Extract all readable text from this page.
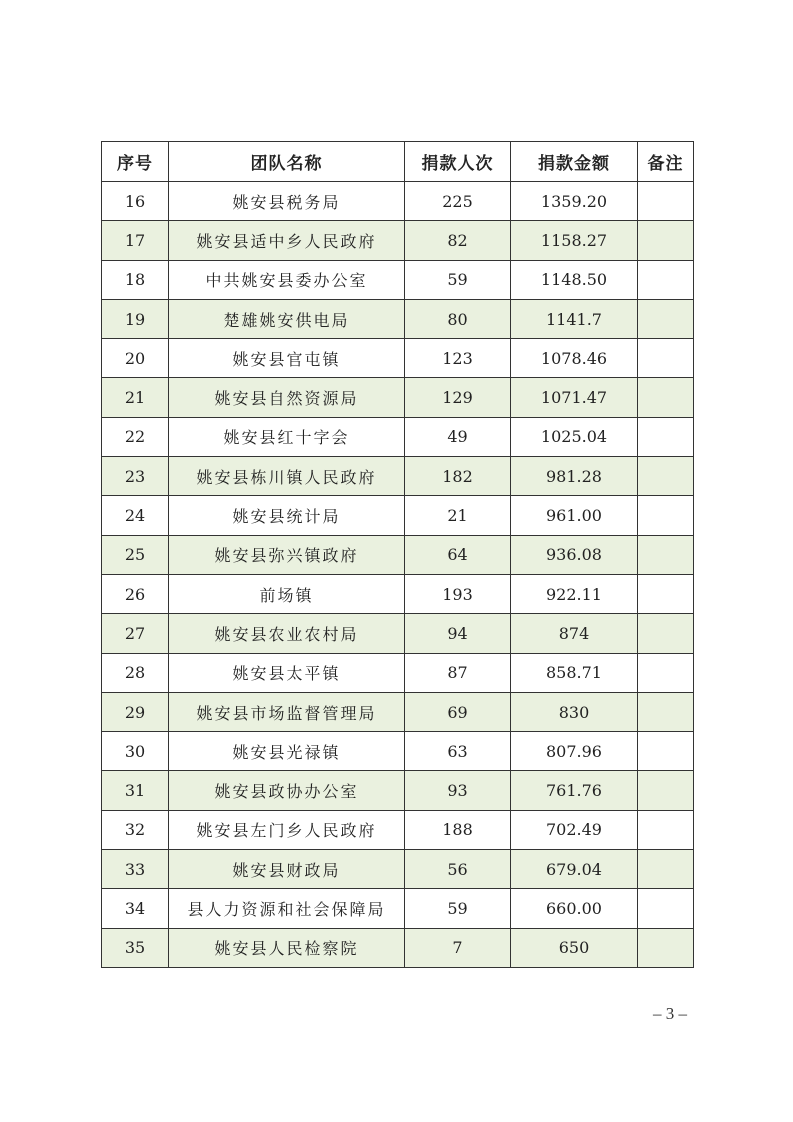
序号	团队名称	捐款人次	捐款金额	备注
16	姚安县税务局	225	1359.20	
17	姚安县适中乡人民政府	82	1158.27	
18	中共姚安县委办公室	59	1148.50	
19	楚雄姚安供电局	80	1141.7	
20	姚安县官屯镇	123	1078.46	
21	姚安县自然资源局	129	1071.47	
22	姚安县红十字会	49	1025.04	
23	姚安县栋川镇人民政府	182	981.28	
24	姚安县统计局	21	961.00	
25	姚安县弥兴镇政府	64	936.08	
26	前场镇	193	922.11	
27	姚安县农业农村局	94	874	
28	姚安县太平镇	87	858.71	
29	姚安县市场监督管理局	69	830	
30	姚安县光禄镇	63	807.96	
31	姚安县政协办公室	93	761.76	
32	姚安县左门乡人民政府	188	702.49	
33	姚安县财政局	56	679.04	
34	县人力资源和社会保障局	59	660.00	
35	姚安县人民检察院	7	650	
– 3 –
